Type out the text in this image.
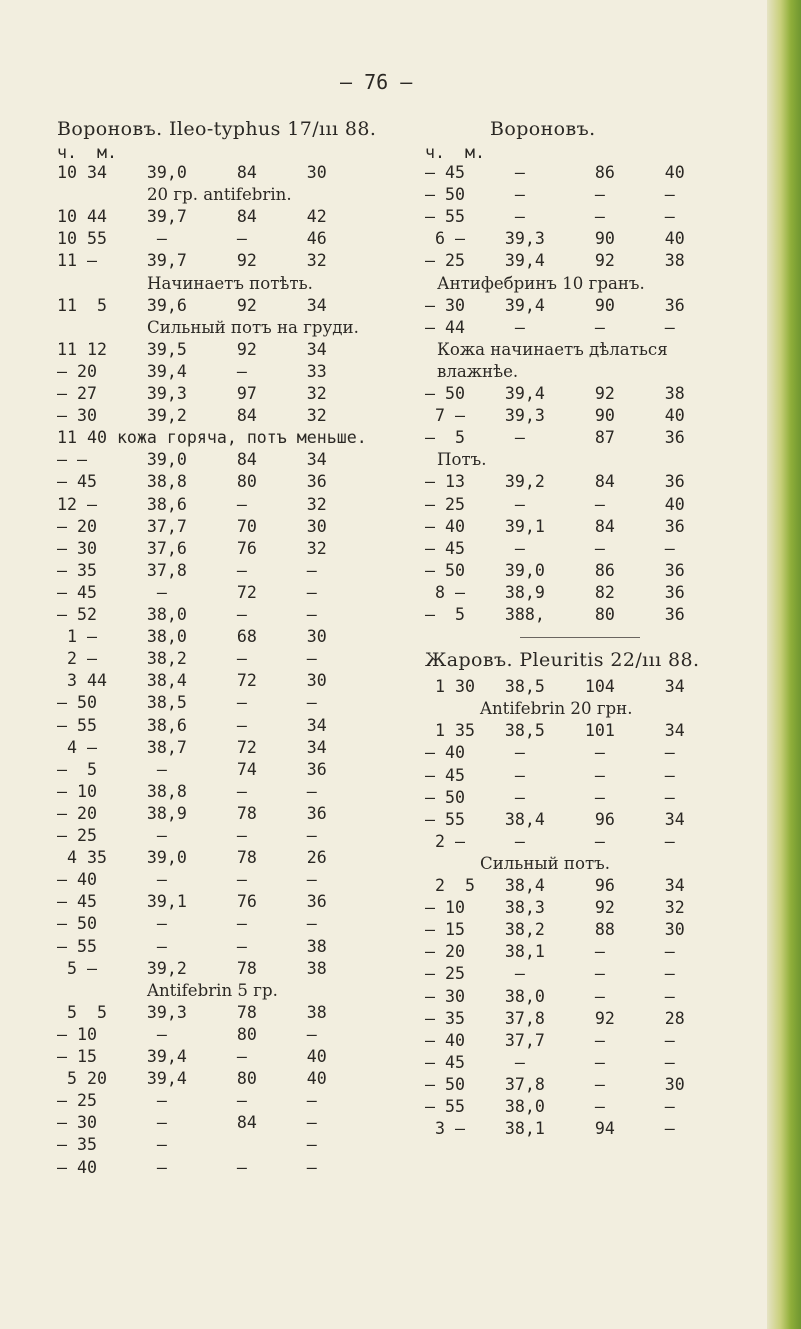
— 76 —
Вороновъ. Ileo-typhus 17/ııı 88.
ч.  м.
10 34    39,0     84     30
20 гр. antifebrin.
10 44    39,7     84     42
10 55     —       —      46
11 —     39,7     92     32
Начинаетъ потѣть.
11  5    39,6     92     34
Сильный потъ на груди.
11 12    39,5     92     34
— 20     39,4     —      33
— 27     39,3     97     32
— 30     39,2     84     32
11 40 кожа горяча, потъ меньше.
— —      39,0     84     34
— 45     38,8     80     36
12 —     38,6     —      32
— 20     37,7     70     30
— 30     37,6     76     32
— 35     37,8     —      —
— 45      —       72     —
— 52     38,0     —      —
1 —     38,0     68     30
2 —     38,2     —      —
3 44    38,4     72     30
— 50     38,5     —      —
— 55     38,6     —      34
4 —     38,7     72     34
—  5      —       74     36
— 10     38,8     —      —
— 20     38,9     78     36
— 25      —       —      —
4 35    39,0     78     26
— 40      —       —      —
— 45     39,1     76     36
— 50      —       —      —
— 55      —       —      38
5 —     39,2     78     38
Antifebrin 5 гр.
5  5    39,3     78     38
— 10      —       80     —
— 15     39,4     —      40
5 20    39,4     80     40
— 25      —       —      —
— 30      —       84     —
— 35      —              —
— 40      —       —      —
Вороновъ.
ч.  м.
— 45     —       86     40
— 50     —       —      —
— 55     —       —      —
6 —    39,3     90     40
— 25    39,4     92     38
Антифебринъ 10 гранъ.
— 30    39,4     90     36
— 44     —       —      —
Кожа начинаетъ дѣлаться
влажнѣе.
— 50    39,4     92     38
7 —    39,3     90     40
—  5     —       87     36
Потъ.
— 13    39,2     84     36
— 25     —       —      40
— 40    39,1     84     36
— 45     —       —      —
— 50    39,0     86     36
8 —    38,9     82     36
—  5    388,     80     36
Жаровъ. Pleuritis 22/ııı 88.
1 30   38,5    104     34
Antifebrin 20 грн.
1 35   38,5    101     34
— 40     —       —      —
— 45     —       —      —
— 50     —       —      —
— 55    38,4     96     34
2 —     —       —      —
Сильный потъ.
2  5   38,4     96     34
— 10    38,3     92     32
— 15    38,2     88     30
— 20    38,1     —      —
— 25     —       —      —
— 30    38,0     —      —
— 35    37,8     92     28
— 40    37,7     —      —
— 45     —       —      —
— 50    37,8     —      30
— 55    38,0     —      —
3 —    38,1     94     —
